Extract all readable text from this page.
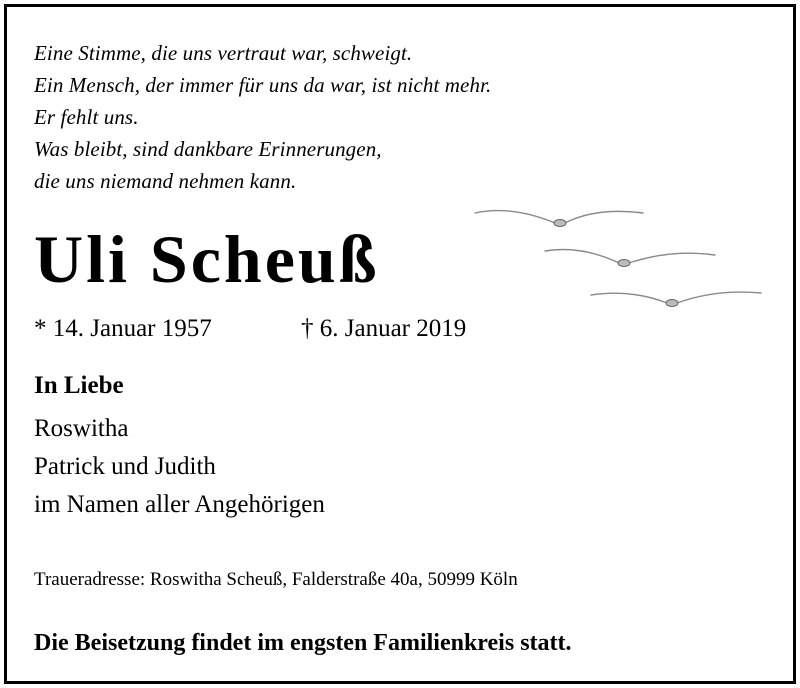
Eine Stimme, die uns vertraut war, schweigt.
Ein Mensch, der immer für uns da war, ist nicht mehr.
Er fehlt uns.
Was bleibt, sind dankbare Erinnerungen,
die uns niemand nehmen kann.
Uli Scheuß
* 14. Januar 1957	† 6. Januar 2019
In Liebe
Roswitha
Patrick und Judith
im Namen aller Angehörigen
Traueradresse: Roswitha Scheuß, Falderstraße 40a, 50999 Köln
Die Beisetzung findet im engsten Familienkreis statt.
